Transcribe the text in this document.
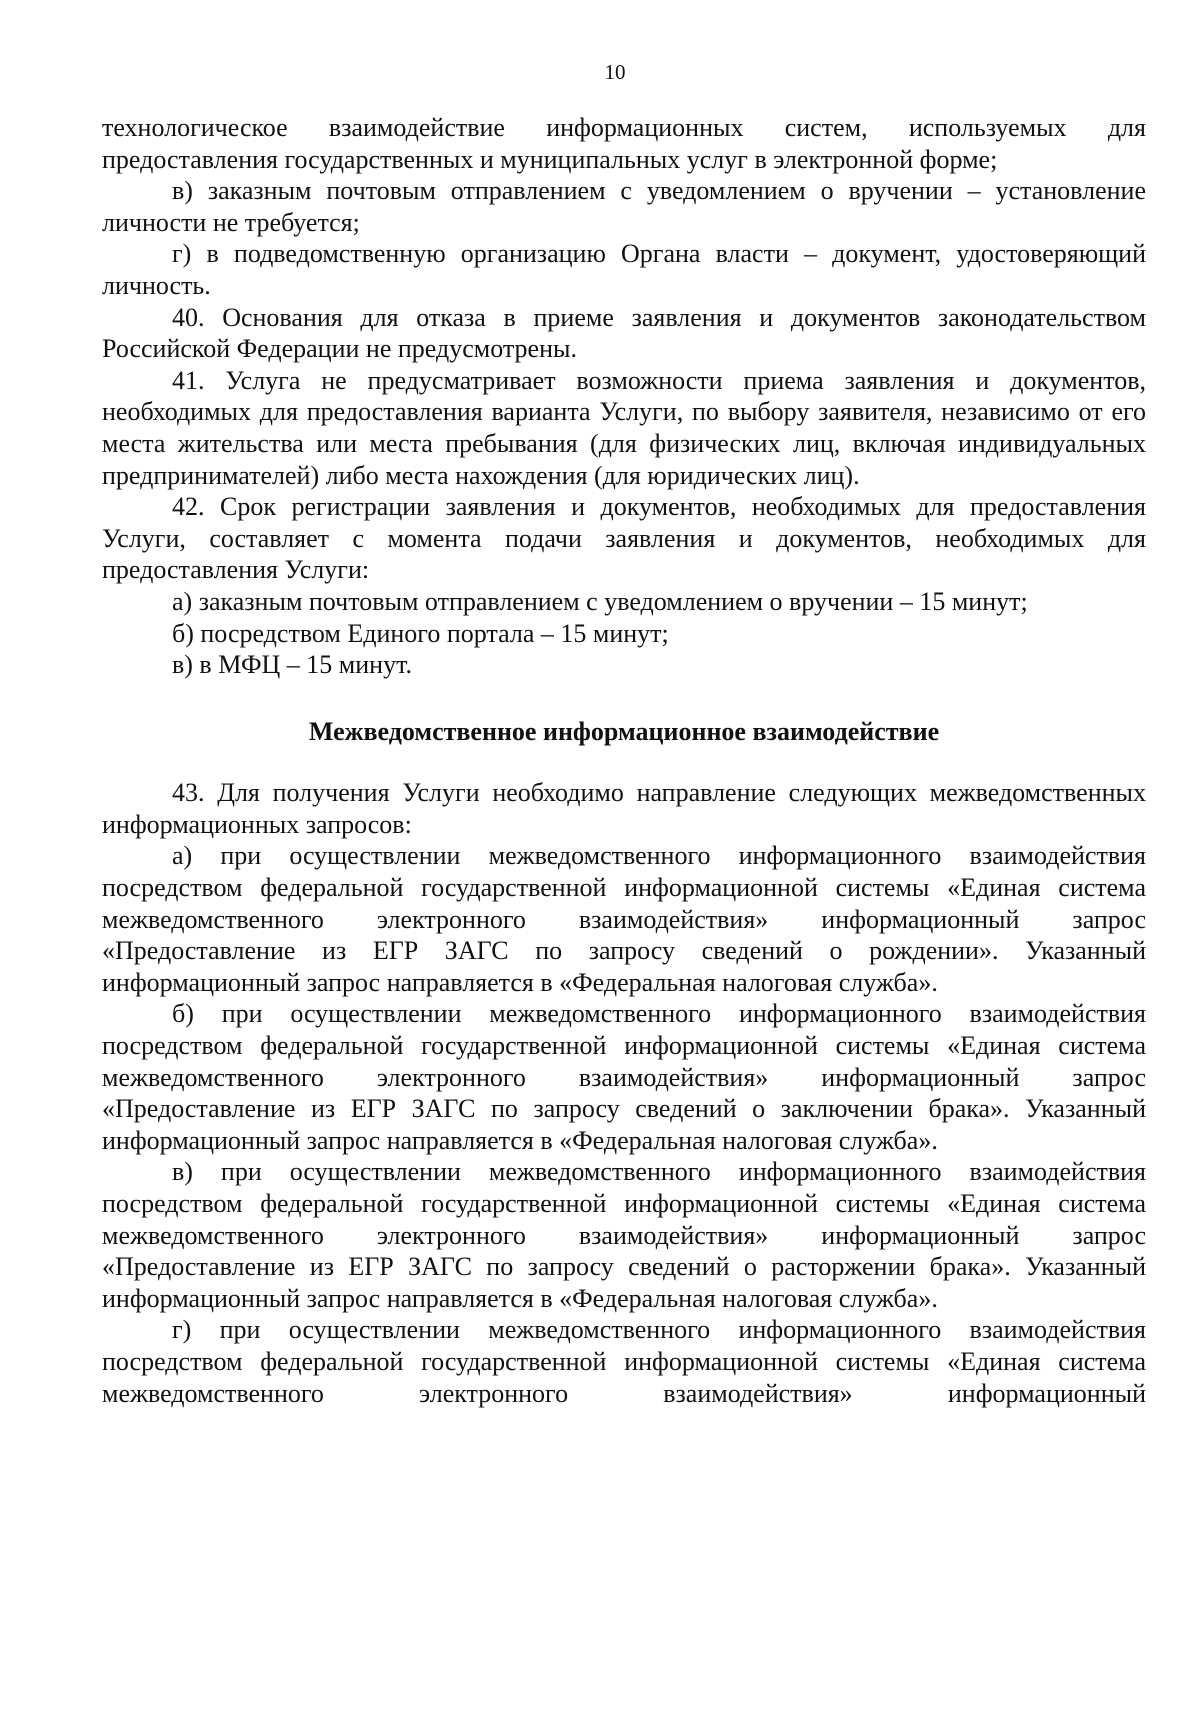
10

технологическое взаимодействие информационных систем, используемых для предоставления государственных и муниципальных услуг в электронной форме;

в) заказным почтовым отправлением с уведомлением о вручении – установление личности не требуется;

г) в подведомственную организацию Органа власти – документ, удостоверяющий личность.

40. Основания для отказа в приеме заявления и документов законодательством Российской Федерации не предусмотрены.

41. Услуга не предусматривает возможности приема заявления и документов, необходимых для предоставления варианта Услуги, по выбору заявителя, независимо от его места жительства или места пребывания (для физических лиц, включая индивидуальных предпринимателей) либо места нахождения (для юридических лиц).

42. Срок регистрации заявления и документов, необходимых для предоставления Услуги, составляет с момента подачи заявления и документов, необходимых для предоставления Услуги:

а) заказным почтовым отправлением с уведомлением о вручении – 15 минут;

б) посредством Единого портала – 15 минут;

в) в МФЦ – 15 минут.

Межведомственное информационное взаимодействие

43. Для получения Услуги необходимо направление следующих межведомственных информационных запросов:

а) при осуществлении межведомственного информационного взаимодействия посредством федеральной государственной информационной системы «Единая система межведомственного электронного взаимодействия» информационный запрос «Предоставление из ЕГР ЗАГС по запросу сведений о рождении». Указанный информационный запрос направляется в «Федеральная налоговая служба».

б) при осуществлении межведомственного информационного взаимодействия посредством федеральной государственной информационной системы «Единая система межведомственного электронного взаимодействия» информационный запрос «Предоставление из ЕГР ЗАГС по запросу сведений о заключении брака». Указанный информационный запрос направляется в «Федеральная налоговая служба».

в) при осуществлении межведомственного информационного взаимодействия посредством федеральной государственной информационной системы «Единая система межведомственного электронного взаимодействия» информационный запрос «Предоставление из ЕГР ЗАГС по запросу сведений о расторжении брака». Указанный информационный запрос направляется в «Федеральная налоговая служба».

г) при осуществлении межведомственного информационного взаимодействия посредством федеральной государственной информационной системы «Единая система межведомственного электронного взаимодействия» информационный
